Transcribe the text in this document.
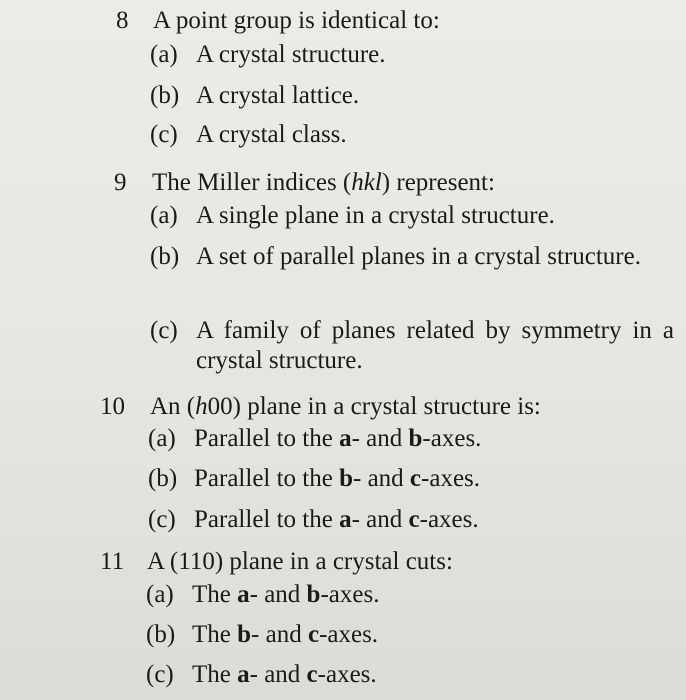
8 A point group is identical to:
(a) A crystal structure.
(b) A crystal lattice.
(c) A crystal class.
9 The Miller indices (hkl) represent:
(a) A single plane in a crystal structure.
(b) A set of parallel planes in a crystal structure.
(c) A family of planes related by symmetry in a crystal structure.
10 An (h00) plane in a crystal structure is:
(a) Parallel to the a- and b-axes.
(b) Parallel to the b- and c-axes.
(c) Parallel to the a- and c-axes.
11 A (110) plane in a crystal cuts:
(a) The a- and b-axes.
(b) The b- and c-axes.
(c) The a- and c-axes.
